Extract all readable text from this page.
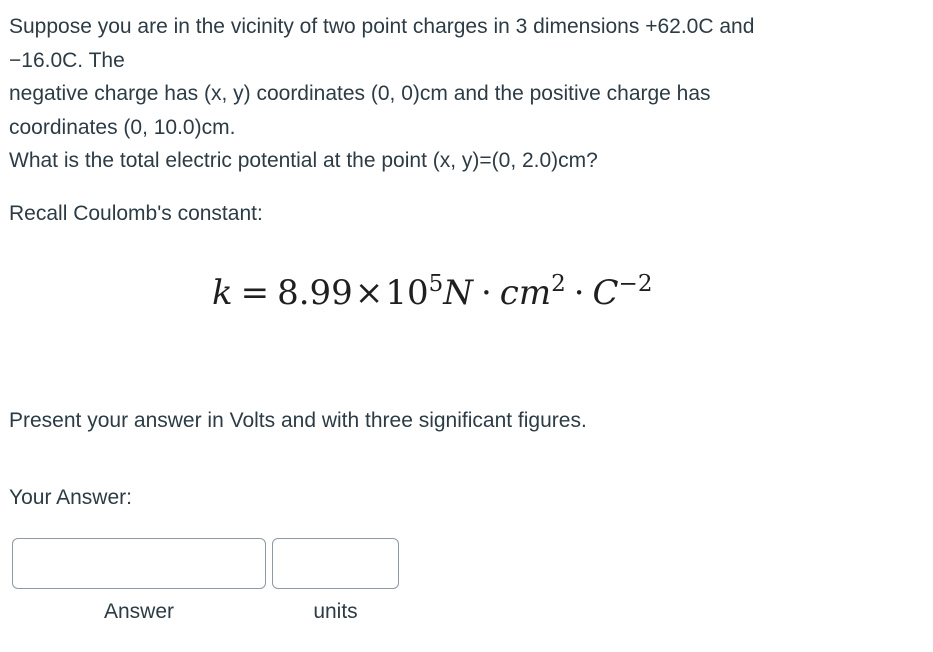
Suppose you are in the vicinity of two point charges in 3 dimensions +62.0C and

−16.0C. The

negative charge has (x, y) coordinates (0, 0)cm and the positive charge has

coordinates (0, 10.0)cm.

What is the total electric potential at the point (x, y)=(0, 2.0)cm?

Recall Coulomb's constant:
$k = 8.99\times 10^5N \cdot cm^2 \cdot C^{-2}$
Present your answer in Volts and with three significant figures.
Your Answer:
Answer	units
